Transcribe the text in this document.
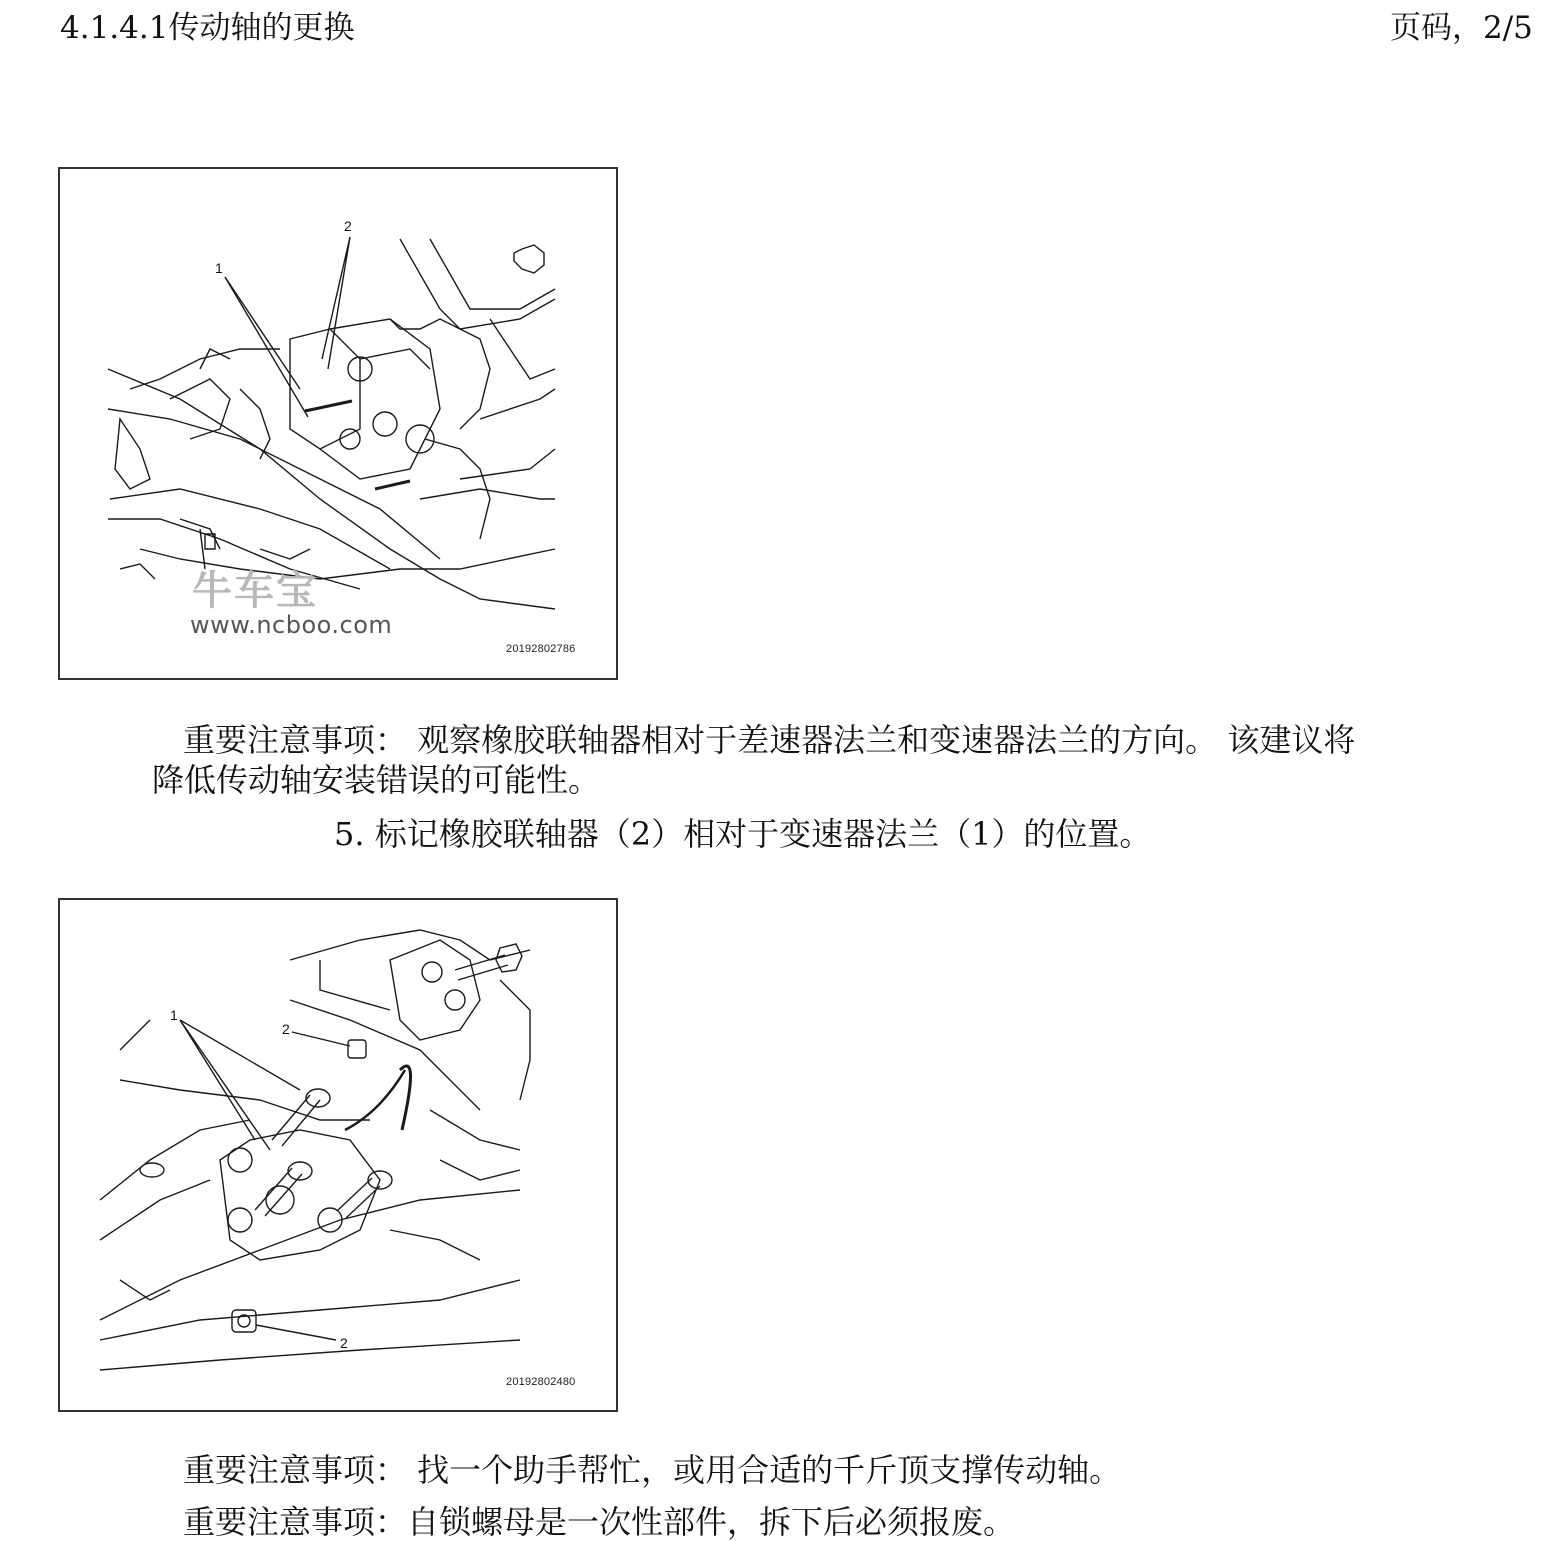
4.1.4.1传动轴的更换	页码，2/5
1
2
牛车宝
www.ncboo.com
20192802786
重要注意事项： 观察橡胶联轴器相对于差速器法兰和变速器法兰的方向。 该建议将
降低传动轴安装错误的可能性。
5. 标记橡胶联轴器（2）相对于变速器法兰（1）的位置。
1
2
2
20192802480
重要注意事项： 找一个助手帮忙，或用合适的千斤顶支撑传动轴。
重要注意事项：自锁螺母是一次性部件，拆下后必须报废。
